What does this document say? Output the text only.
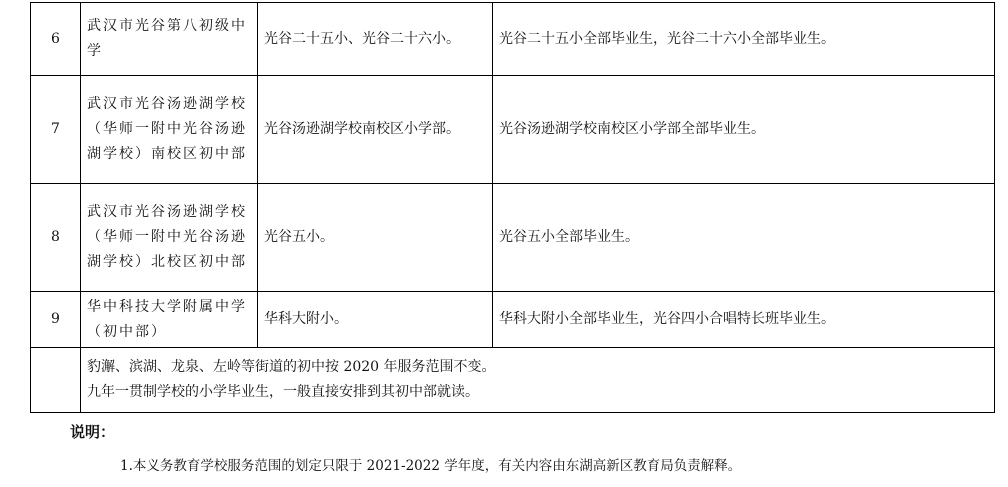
6	武汉市光谷第八初级中学	光谷二十五小、光谷二十六小。	光谷二十五小全部毕业生，光谷二十六小全部毕业生。
7	武汉市光谷汤逊湖学校（华师一附中光谷汤逊湖学校）南校区初中部	光谷汤逊湖学校南校区小学部。	光谷汤逊湖学校南校区小学部全部毕业生。
8	武汉市光谷汤逊湖学校（华师一附中光谷汤逊湖学校）北校区初中部	光谷五小。	光谷五小全部毕业生。
9	华中科技大学附属中学（初中部）	华科大附小。	华科大附小全部毕业生，光谷四小合唱特长班毕业生。

	豹澥、滨湖、龙泉、左岭等街道的初中按 2020 年服务范围不变。
九年一贯制学校的小学毕业生，一般直接安排到其初中部就读。		

说明：

1.本义务教育学校服务范围的划定只限于 2021-2022 学年度，有关内容由东湖高新区教育局负责解释。
